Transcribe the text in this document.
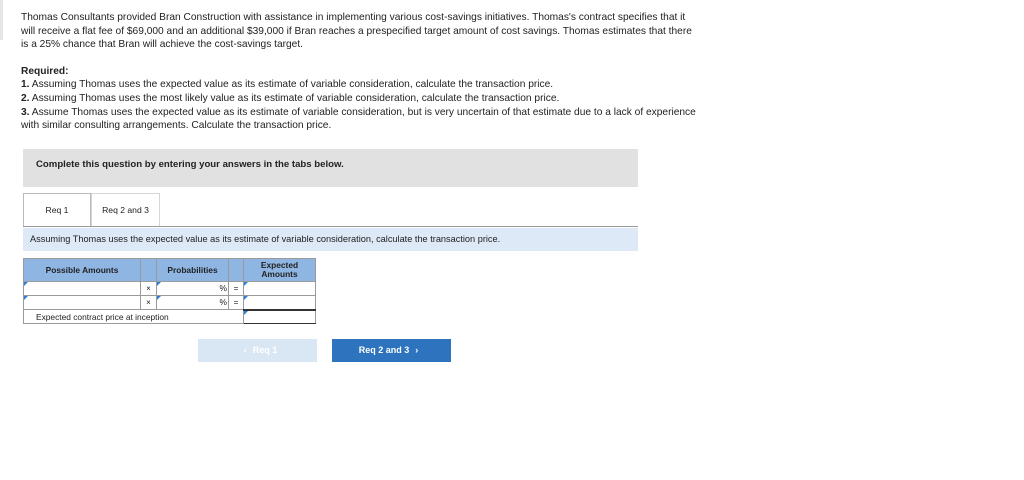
Thomas Consultants provided Bran Construction with assistance in implementing various cost-savings initiatives. Thomas's contract specifies that it will receive a flat fee of $69,000 and an additional $39,000 if Bran reaches a prespecified target amount of cost savings. Thomas estimates that there is a 25% chance that Bran will achieve the cost-savings target.

Required:

1. Assuming Thomas uses the expected value as its estimate of variable consideration, calculate the transaction price.

2. Assuming Thomas uses the most likely value as its estimate of variable consideration, calculate the transaction price.

3. Assume Thomas uses the expected value as its estimate of variable consideration, but is very uncertain of that estimate due to a lack of experience with similar consulting arrangements. Calculate the transaction price.

Complete this question by entering your answers in the tabs below.
Req 1	Req 2 and 3
Assuming Thomas uses the expected value as its estimate of variable consideration, calculate the transaction price.
Possible Amounts		Probabilities		Expected Amounts
	×	%	=	
	×	%	=	
Expected contract price at inception	
‹ Req 1	Req 2 and 3 ›
